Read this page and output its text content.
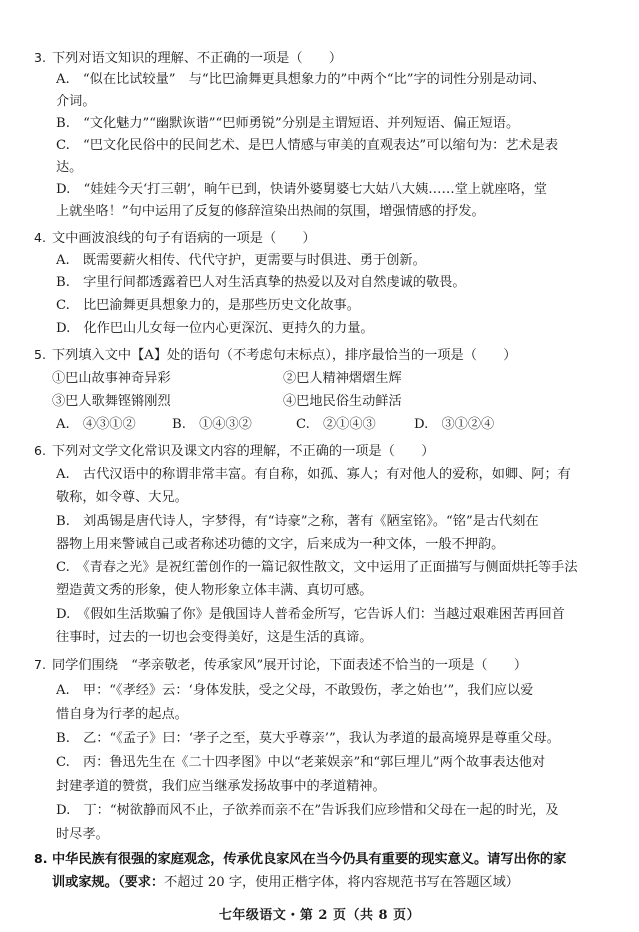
3. 下列对语文知识的理解、不正确的一项是（　　）
A.　“似在比试较量”　与“比巴渝舞更具想象力的”中两个“比”字的词性分别是动词、
介词。
B.　“文化魅力”“幽默诙谐”“巴师勇锐”分别是主谓短语、并列短语、偏正短语。
C.　“巴文化民俗中的民间艺术、是巴人情感与审美的直观表达”可以缩句为：艺术是表
达。
D.　“娃娃今天‘打三朝’，晌午已到，快请外婆舅婆七大姑八大姨……堂上就座咯，堂
上就坐咯！”句中运用了反复的修辞渲染出热闹的氛围，增强情感的抒发。
4. 文中画波浪线的句子有语病的一项是（　　）
A.　既需要薪火相传、代代守护，更需要与时俱进、勇于创新。
B.　字里行间都透露着巴人对生活真挚的热爱以及对自然虔诚的敬畏。
C.　比巴渝舞更具想象力的，是那些历史文化故事。
D.　化作巴山儿女每一位内心更深沉、更持久的力量。
5. 下列填入文中【A】处的语句（不考虑句末标点），排序最恰当的一项是（　　）
①巴山故事神奇异彩	②巴人精神熠熠生辉
③巴人歌舞铿锵刚烈	④巴地民俗生动鲜活
A.　④③①②	B.　①④③②	C.　②①④③	D.　③①②④
6. 下列对文学文化常识及课文内容的理解，不正确的一项是（　　）
A.　古代汉语中的称谓非常丰富。有自称，如孤、寡人；有对他人的爱称，如卿、阿；有
敬称，如令尊、大兄。
B.　刘禹锡是唐代诗人，字梦得，有“诗豪”之称，著有《陋室铭》。“铭”是古代刻在
器物上用来警诫自己或者称述功德的文字，后来成为一种文体，一般不押韵。
C.　《青春之光》是祝红蕾创作的一篇记叙性散文，文中运用了正面描写与侧面烘托等手法
塑造黄文秀的形象，使人物形象立体丰满、真切可感。
D.　《假如生活欺骗了你》是俄国诗人普希金所写，它告诉人们：当越过艰难困苦再回首
往事时，过去的一切也会变得美好，这是生活的真谛。
7. 同学们围绕　“孝亲敬老，传承家风”展开讨论，下面表述不恰当的一项是（　　）
A.　甲：“《孝经》云：‘身体发肤，受之父母，不敢毁伤，孝之始也’”，我们应以爱
惜自身为行孝的起点。
B.　乙：“《孟子》曰：‘孝子之至，莫大乎尊亲’”，我认为孝道的最高境界是尊重父母。
C.　丙：鲁迅先生在《二十四孝图》中以“老莱娱亲”和“郭巨埋儿”两个故事表达他对
封建孝道的赞赏，我们应当继承发扬故事中的孝道精神。
D.　丁：“树欲静而风不止，子欲养而亲不在”告诉我们应珍惜和父母在一起的时光，及
时尽孝。
8. 中华民族有很强的家庭观念，传承优良家风在当今仍具有重要的现实意义。请写出你的家
训或家规。（要求：不超过 20 字，使用正楷字体，将内容规范书写在答题区域）
七年级语文・第 2 页（共 8 页）
